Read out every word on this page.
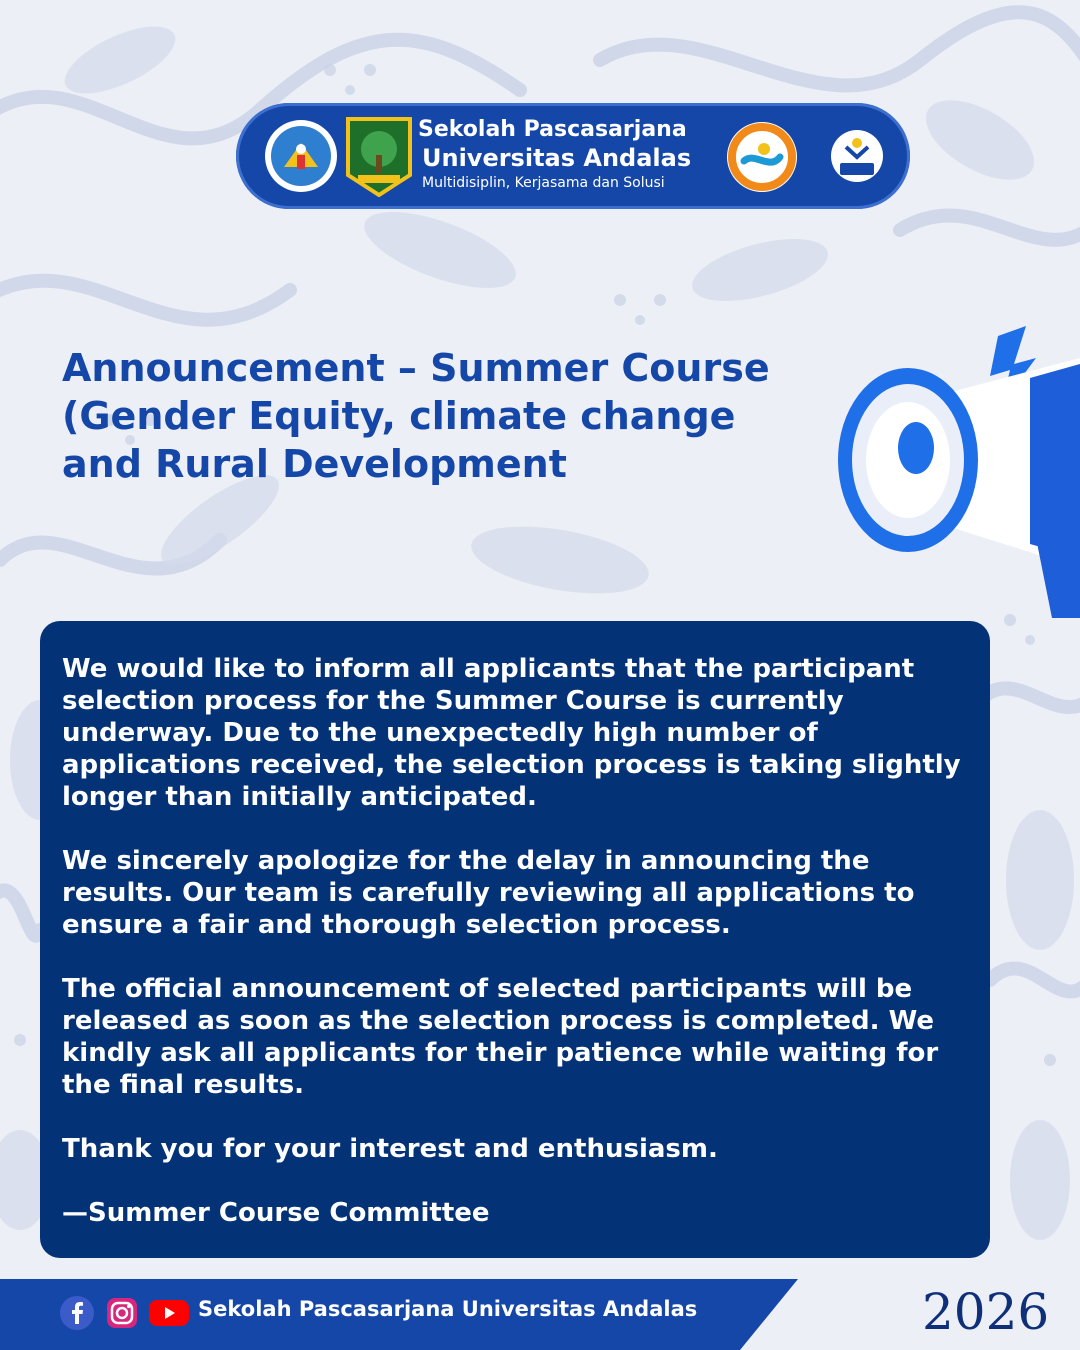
Sekolah Pascasarjana
Universitas Andalas
Multidisiplin, Kerjasama dan Solusi
Announcement – Summer Course
(Gender Equity, climate change
and Rural Development

We would like to inform all applicants that the participant selection process for the Summer Course is currently underway. Due to the unexpectedly high number of applications received, the selection process is taking slightly longer than initially anticipated.

We sincerely apologize for the delay in announcing the results. Our team is carefully reviewing all applications to ensure a fair and thorough selection process.

The official announcement of selected participants will be released as soon as the selection process is completed. We kindly ask all applicants for their patience while waiting for the final results.

Thank you for your interest and enthusiasm.

—Summer Course Committee

Sekolah Pascasarjana Universitas Andalas	2026
